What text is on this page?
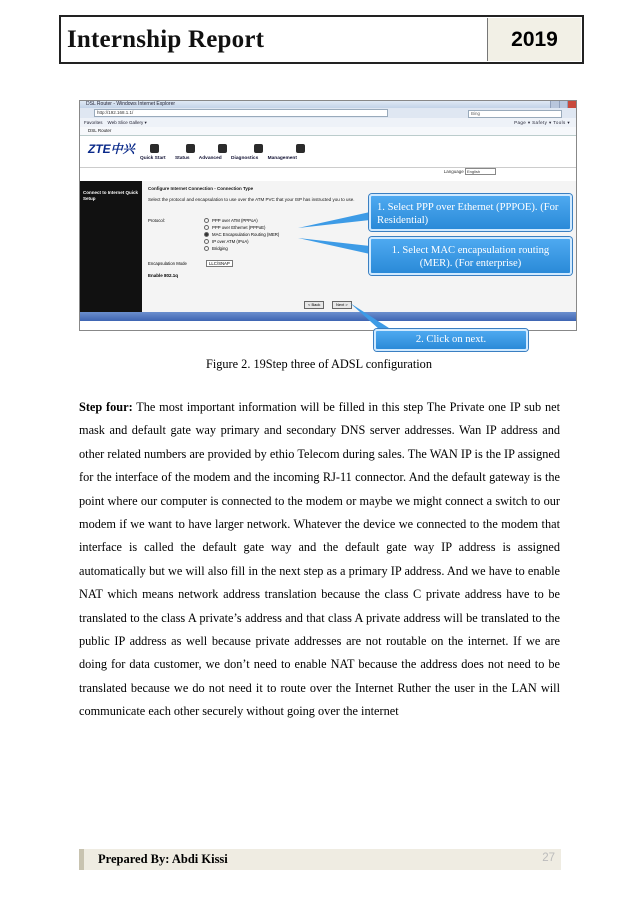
Internship Report	2019
DSL Router - Windows Internet Explorer
http://192.168.1.1/	Bing
Favorites Web Slice Gallery ▾	Page ▾ Safety ▾ Tools ▾
DSL Router
ZTE中兴
Quick Start Status Advanced Diagnostics Management
Language English
Connect to Internet Quick Setup
Configure Internet Connection - Connection Type
Select the protocol and encapsulation to use over the ATM PVC that your ISP has instructed you to use.
Protocol:	PPP over ATM (PPPoA)
PPP over Ethernet (PPPoE)
MAC Encapsulation Routing (MER)
IP over ATM (IPoA)
Bridging
Encapsulation Mode	LLC/SNAP
Enable 802.1q
< Back	Next >
1. Select PPP over Ethernet (PPPOE). (For Residential)
1. Select MAC encapsulation routing (MER). (For enterprise)
2. Click on next.
Figure 2. 19Step three of ADSL configuration
Step four: The most important information will be filled in this step The Private one IP sub net mask and default gate way primary and secondary DNS server addresses. Wan IP address and other related numbers are provided by ethio Telecom during sales. The WAN IP is the IP assigned for the interface of the modem and the incoming RJ-11 connector. And the default gateway is the point where our computer is connected to the modem or maybe we might connect a switch to our modem if we want to have larger network. Whatever the device we connected to the modem that interface is called the default gate way and the default gate way IP address is assigned automatically but we will also fill in the next step as a primary IP address. And we have to enable NAT which means network address translation because the class C private address have to be translated to the class A private’s address and that class A private address will be translated to the public IP address as well because private addresses are not routable on the internet. If we are doing for data customer, we don’t need to enable NAT because the address does not need to be translated because we do not need it to route over the Internet Ruther the user in the LAN will communicate each other securely without going over the internet
Prepared By: Abdi Kissi	27
